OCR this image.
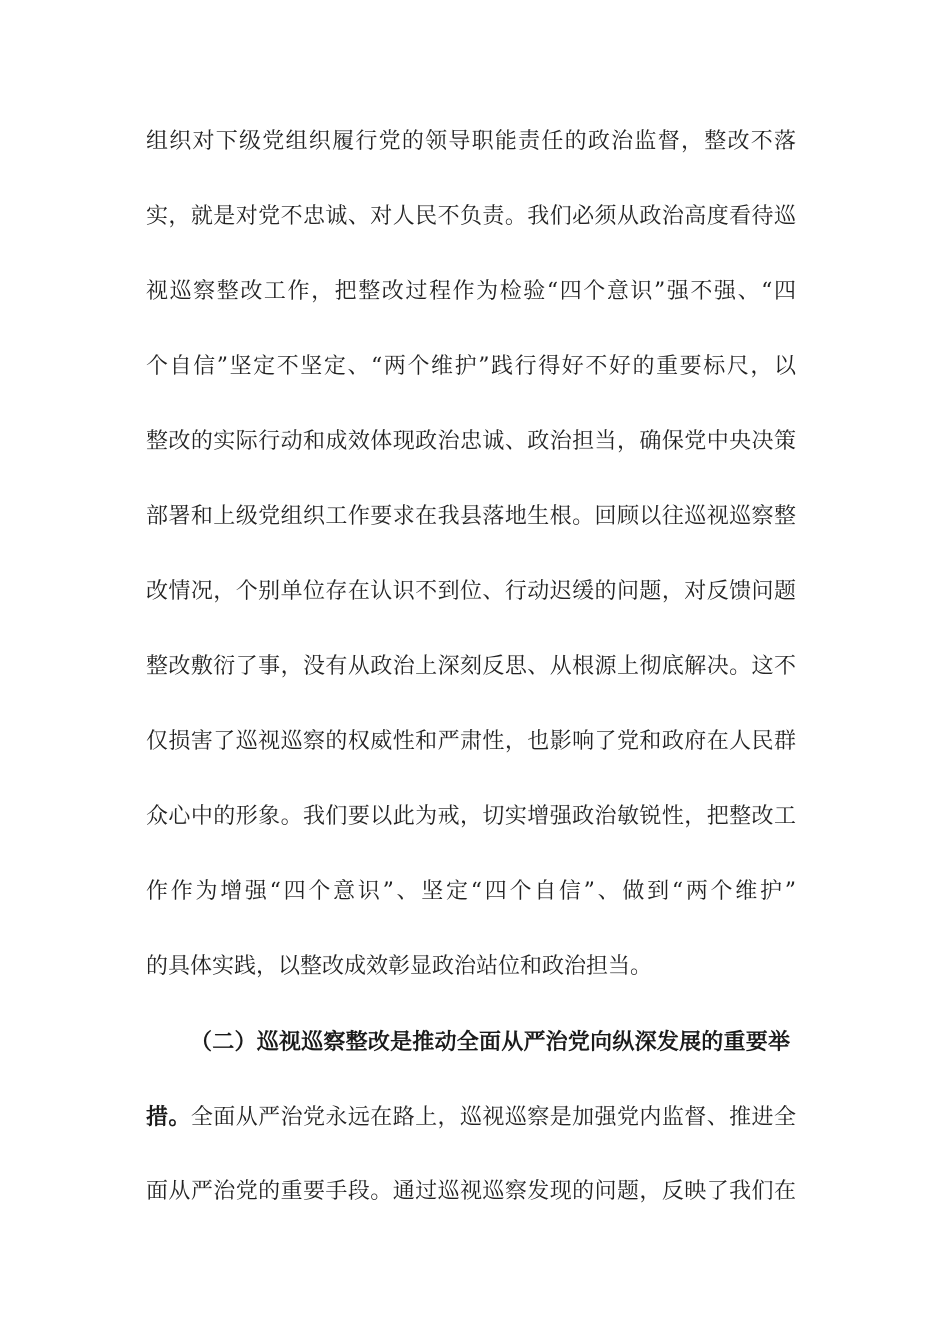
组织对下级党组织履行党的领导职能责任的政治监督，整改不落
实，就是对党不忠诚、对人民不负责。我们必须从政治高度看待巡
视巡察整改工作，把整改过程作为检验“四个意识”强不强、“四
个自信”坚定不坚定、“两个维护”践行得好不好的重要标尺，以
整改的实际行动和成效体现政治忠诚、政治担当，确保党中央决策
部署和上级党组织工作要求在我县落地生根。回顾以往巡视巡察整
改情况，个别单位存在认识不到位、行动迟缓的问题，对反馈问题
整改敷衍了事，没有从政治上深刻反思、从根源上彻底解决。这不
仅损害了巡视巡察的权威性和严肃性，也影响了党和政府在人民群
众心中的形象。我们要以此为戒，切实增强政治敏锐性，把整改工
作作为增强“四个意识”、坚定“四个自信”、做到“两个维护”
的具体实践，以整改成效彰显政治站位和政治担当。
（二）巡视巡察整改是推动全面从严治党向纵深发展的重要举
措。全面从严治党永远在路上，巡视巡察是加强党内监督、推进全
面从严治党的重要手段。通过巡视巡察发现的问题，反映了我们在
